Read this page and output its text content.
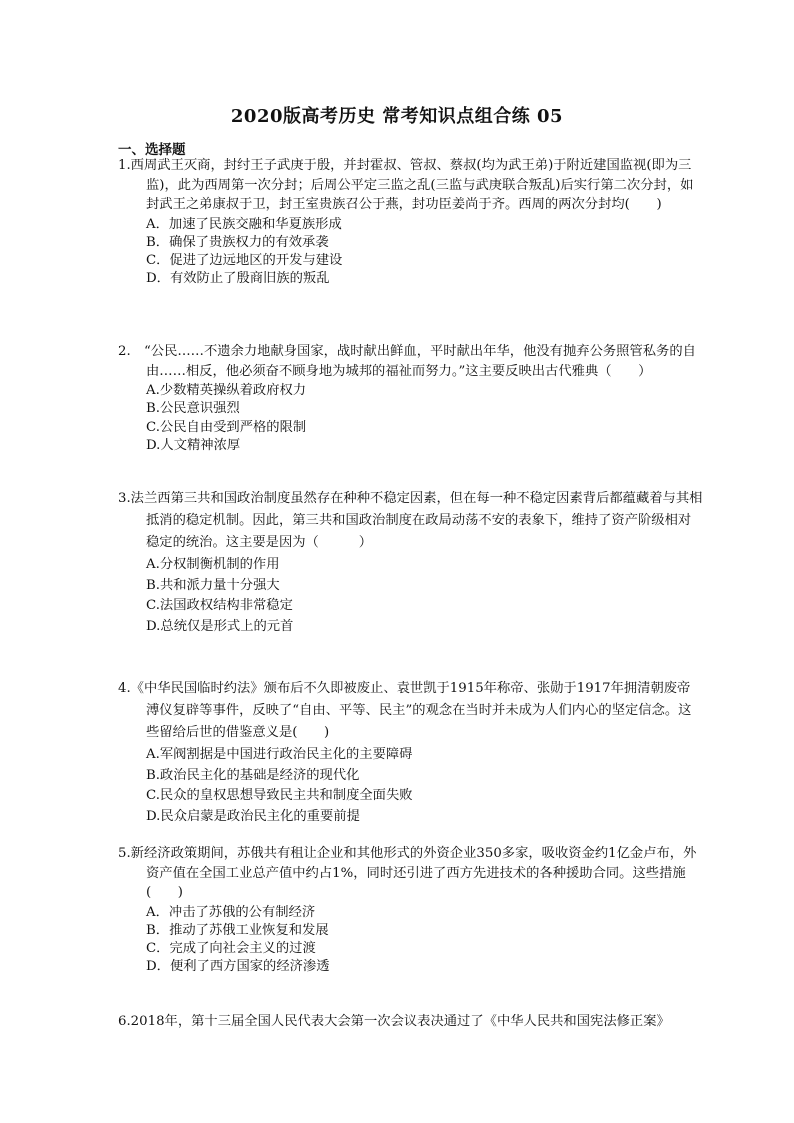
2020版高考历史 常考知识点组合练 05
一、选择题

1.西周武王灭商，封纣王子武庚于殷，并封霍叔、管叔、蔡叔(均为武王弟)于附近建国监视(即为三监)，此为西周第一次分封；后周公平定三监之乱(三监与武庚联合叛乱)后实行第二次分封，如封武王之弟康叔于卫，封王室贵族召公于燕，封功臣姜尚于齐。西周的两次分封均(　　)

A．加速了民族交融和华夏族形成
B．确保了贵族权力的有效承袭
C．促进了边远地区的开发与建设
D．有效防止了殷商旧族的叛乱

2.　“公民……不遗余力地献身国家，战时献出鲜血，平时献出年华，他没有抛弃公务照管私务的自由……相反，他必须奋不顾身地为城邦的福祉而努力。”这主要反映出古代雅典（　　）

A.少数精英操纵着政府权力
B.公民意识强烈
C.公民自由受到严格的限制
D.人文精神浓厚

3.法兰西第三共和国政治制度虽然存在种种不稳定因素，但在每一种不稳定因素背后都蕴藏着与其相抵消的稳定机制。因此，第三共和国政治制度在政局动荡不安的表象下，维持了资产阶级相对稳定的统治。这主要是因为（　　　）

A.分权制衡机制的作用
B.共和派力量十分强大
C.法国政权结构非常稳定
D.总统仅是形式上的元首

4.《中华民国临时约法》颁布后不久即被废止、袁世凯于1915年称帝、张勋于1917年拥清朝废帝溥仪复辟等事件，反映了“自由、平等、民主”的观念在当时并未成为人们内心的坚定信念。这些留给后世的借鉴意义是(　　)

A.军阀割据是中国进行政治民主化的主要障碍
B.政治民主化的基础是经济的现代化
C.民众的皇权思想导致民主共和制度全面失败
D.民众启蒙是政治民主化的重要前提

5.新经济政策期间，苏俄共有租让企业和其他形式的外资企业350多家，吸收资金约1亿金卢布，外资产值在全国工业总产值中约占1%，同时还引进了西方先进技术的各种援助合同。这些措施(　　)

A．冲击了苏俄的公有制经济
B．推动了苏俄工业恢复和发展
C．完成了向社会主义的过渡
D．便利了西方国家的经济渗透

6.2018年，第十三届全国人民代表大会第一次会议表决通过了《中华人民共和国宪法修正案》
